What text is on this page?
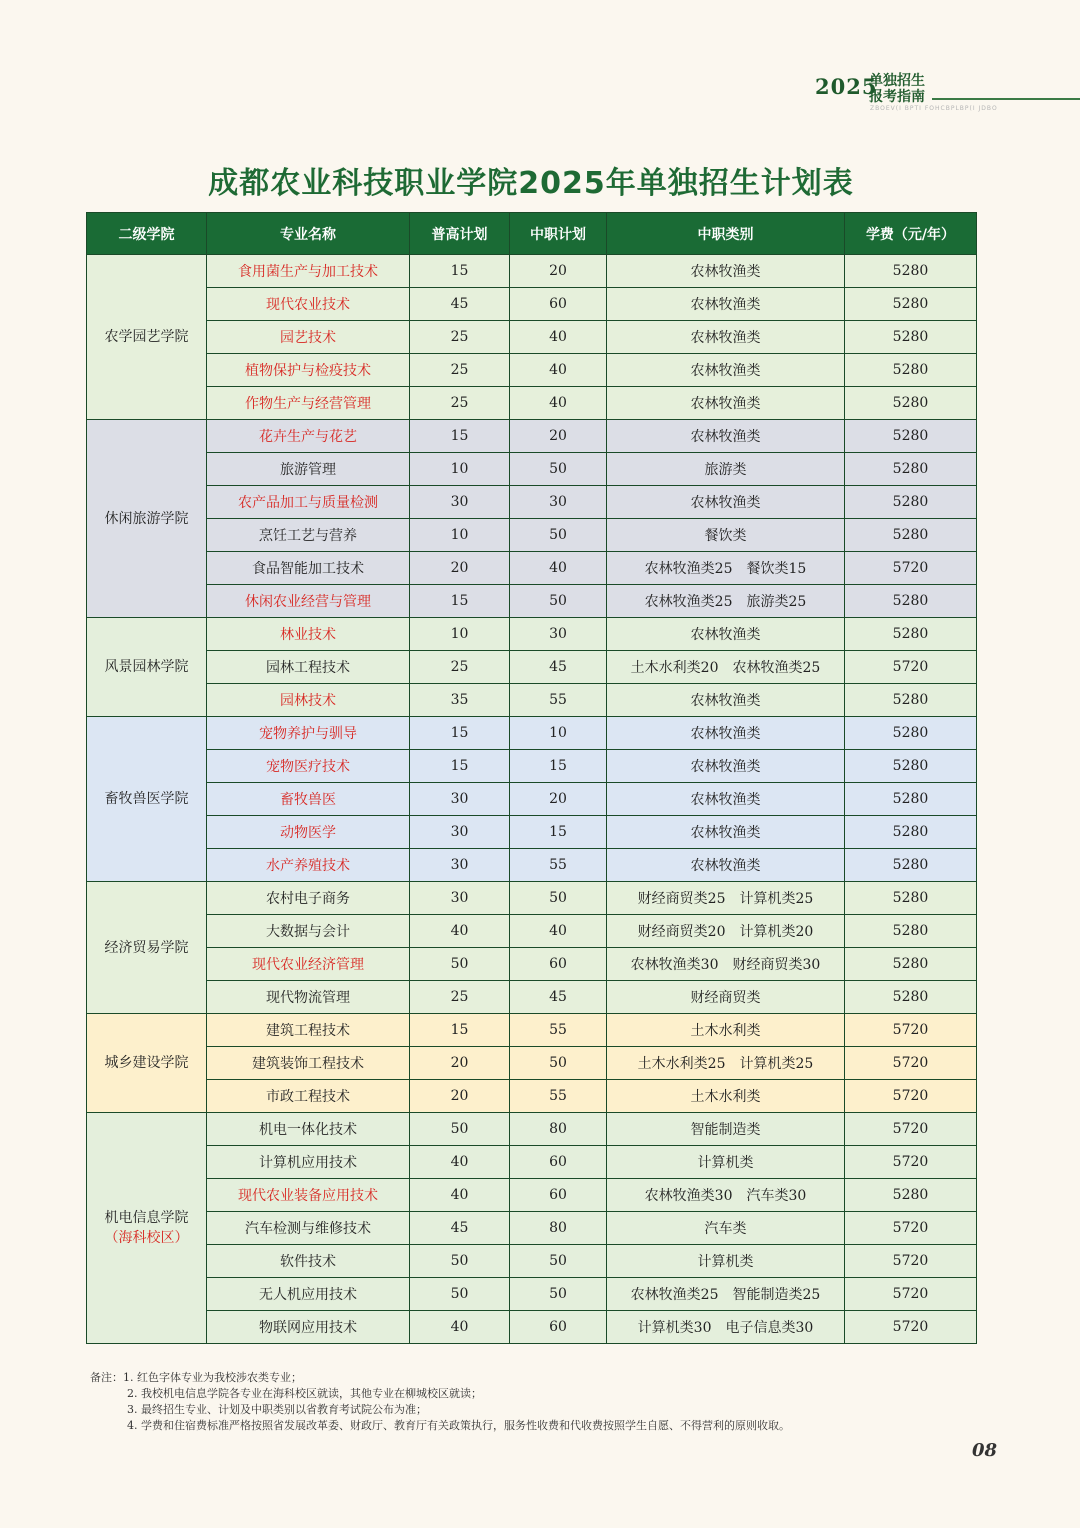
2025
单独招生
报考指南
ZBOEV(I BPTI FOHCBPLBP(I JDBO
成都农业科技职业学院2025年单独招生计划表
二级学院	专业名称	普高计划	中职计划	中职类别	学费（元/年）

农学园艺学院	食用菌生产与加工技术	15	20	农林牧渔类	5280
	现代农业技术	45	60	农林牧渔类	5280
	园艺技术	25	40	农林牧渔类	5280
	植物保护与检疫技术	25	40	农林牧渔类	5280
	作物生产与经营管理	25	40	农林牧渔类	5280

休闲旅游学院	花卉生产与花艺	15	20	农林牧渔类	5280
	旅游管理	10	50	旅游类	5280
	农产品加工与质量检测	30	30	农林牧渔类	5280
	烹饪工艺与营养	10	50	餐饮类	5280
	食品智能加工技术	20	40	农林牧渔类25　餐饮类15	5720
	休闲农业经营与管理	15	50	农林牧渔类25　旅游类25	5280

风景园林学院	林业技术	10	30	农林牧渔类	5280
	园林工程技术	25	45	土木水利类20　农林牧渔类25	5720
	园林技术	35	55	农林牧渔类	5280

畜牧兽医学院	宠物养护与驯导	15	10	农林牧渔类	5280
	宠物医疗技术	15	15	农林牧渔类	5280
	畜牧兽医	30	20	农林牧渔类	5280
	动物医学	30	15	农林牧渔类	5280
	水产养殖技术	30	55	农林牧渔类	5280

经济贸易学院	农村电子商务	30	50	财经商贸类25　计算机类25	5280
	大数据与会计	40	40	财经商贸类20　计算机类20	5280
	现代农业经济管理	50	60	农林牧渔类30　财经商贸类30	5280
	现代物流管理	25	45	财经商贸类	5280

城乡建设学院	建筑工程技术	15	55	土木水利类	5720
	建筑装饰工程技术	20	50	土木水利类25　计算机类25	5720
	市政工程技术	20	55	土木水利类	5720

机电信息学院
（海科校区）	机电一体化技术	50	80	智能制造类	5720
	计算机应用技术	40	60	计算机类	5720
	现代农业装备应用技术	40	60	农林牧渔类30　汽车类30	5280
	汽车检测与维修技术	45	80	汽车类	5720
	软件技术	50	50	计算机类	5720
	无人机应用技术	50	50	农林牧渔类25　智能制造类25	5720
	物联网应用技术	40	60	计算机类30　电子信息类30	5720
备注：1. 红色字体专业为我校涉农类专业；
2. 我校机电信息学院各专业在海科校区就读，其他专业在柳城校区就读；
3. 最终招生专业、计划及中职类别以省教育考试院公布为准；
4. 学费和住宿费标准严格按照省发展改革委、财政厅、教育厅有关政策执行，服务性收费和代收费按照学生自愿、不得营利的原则收取。
08
